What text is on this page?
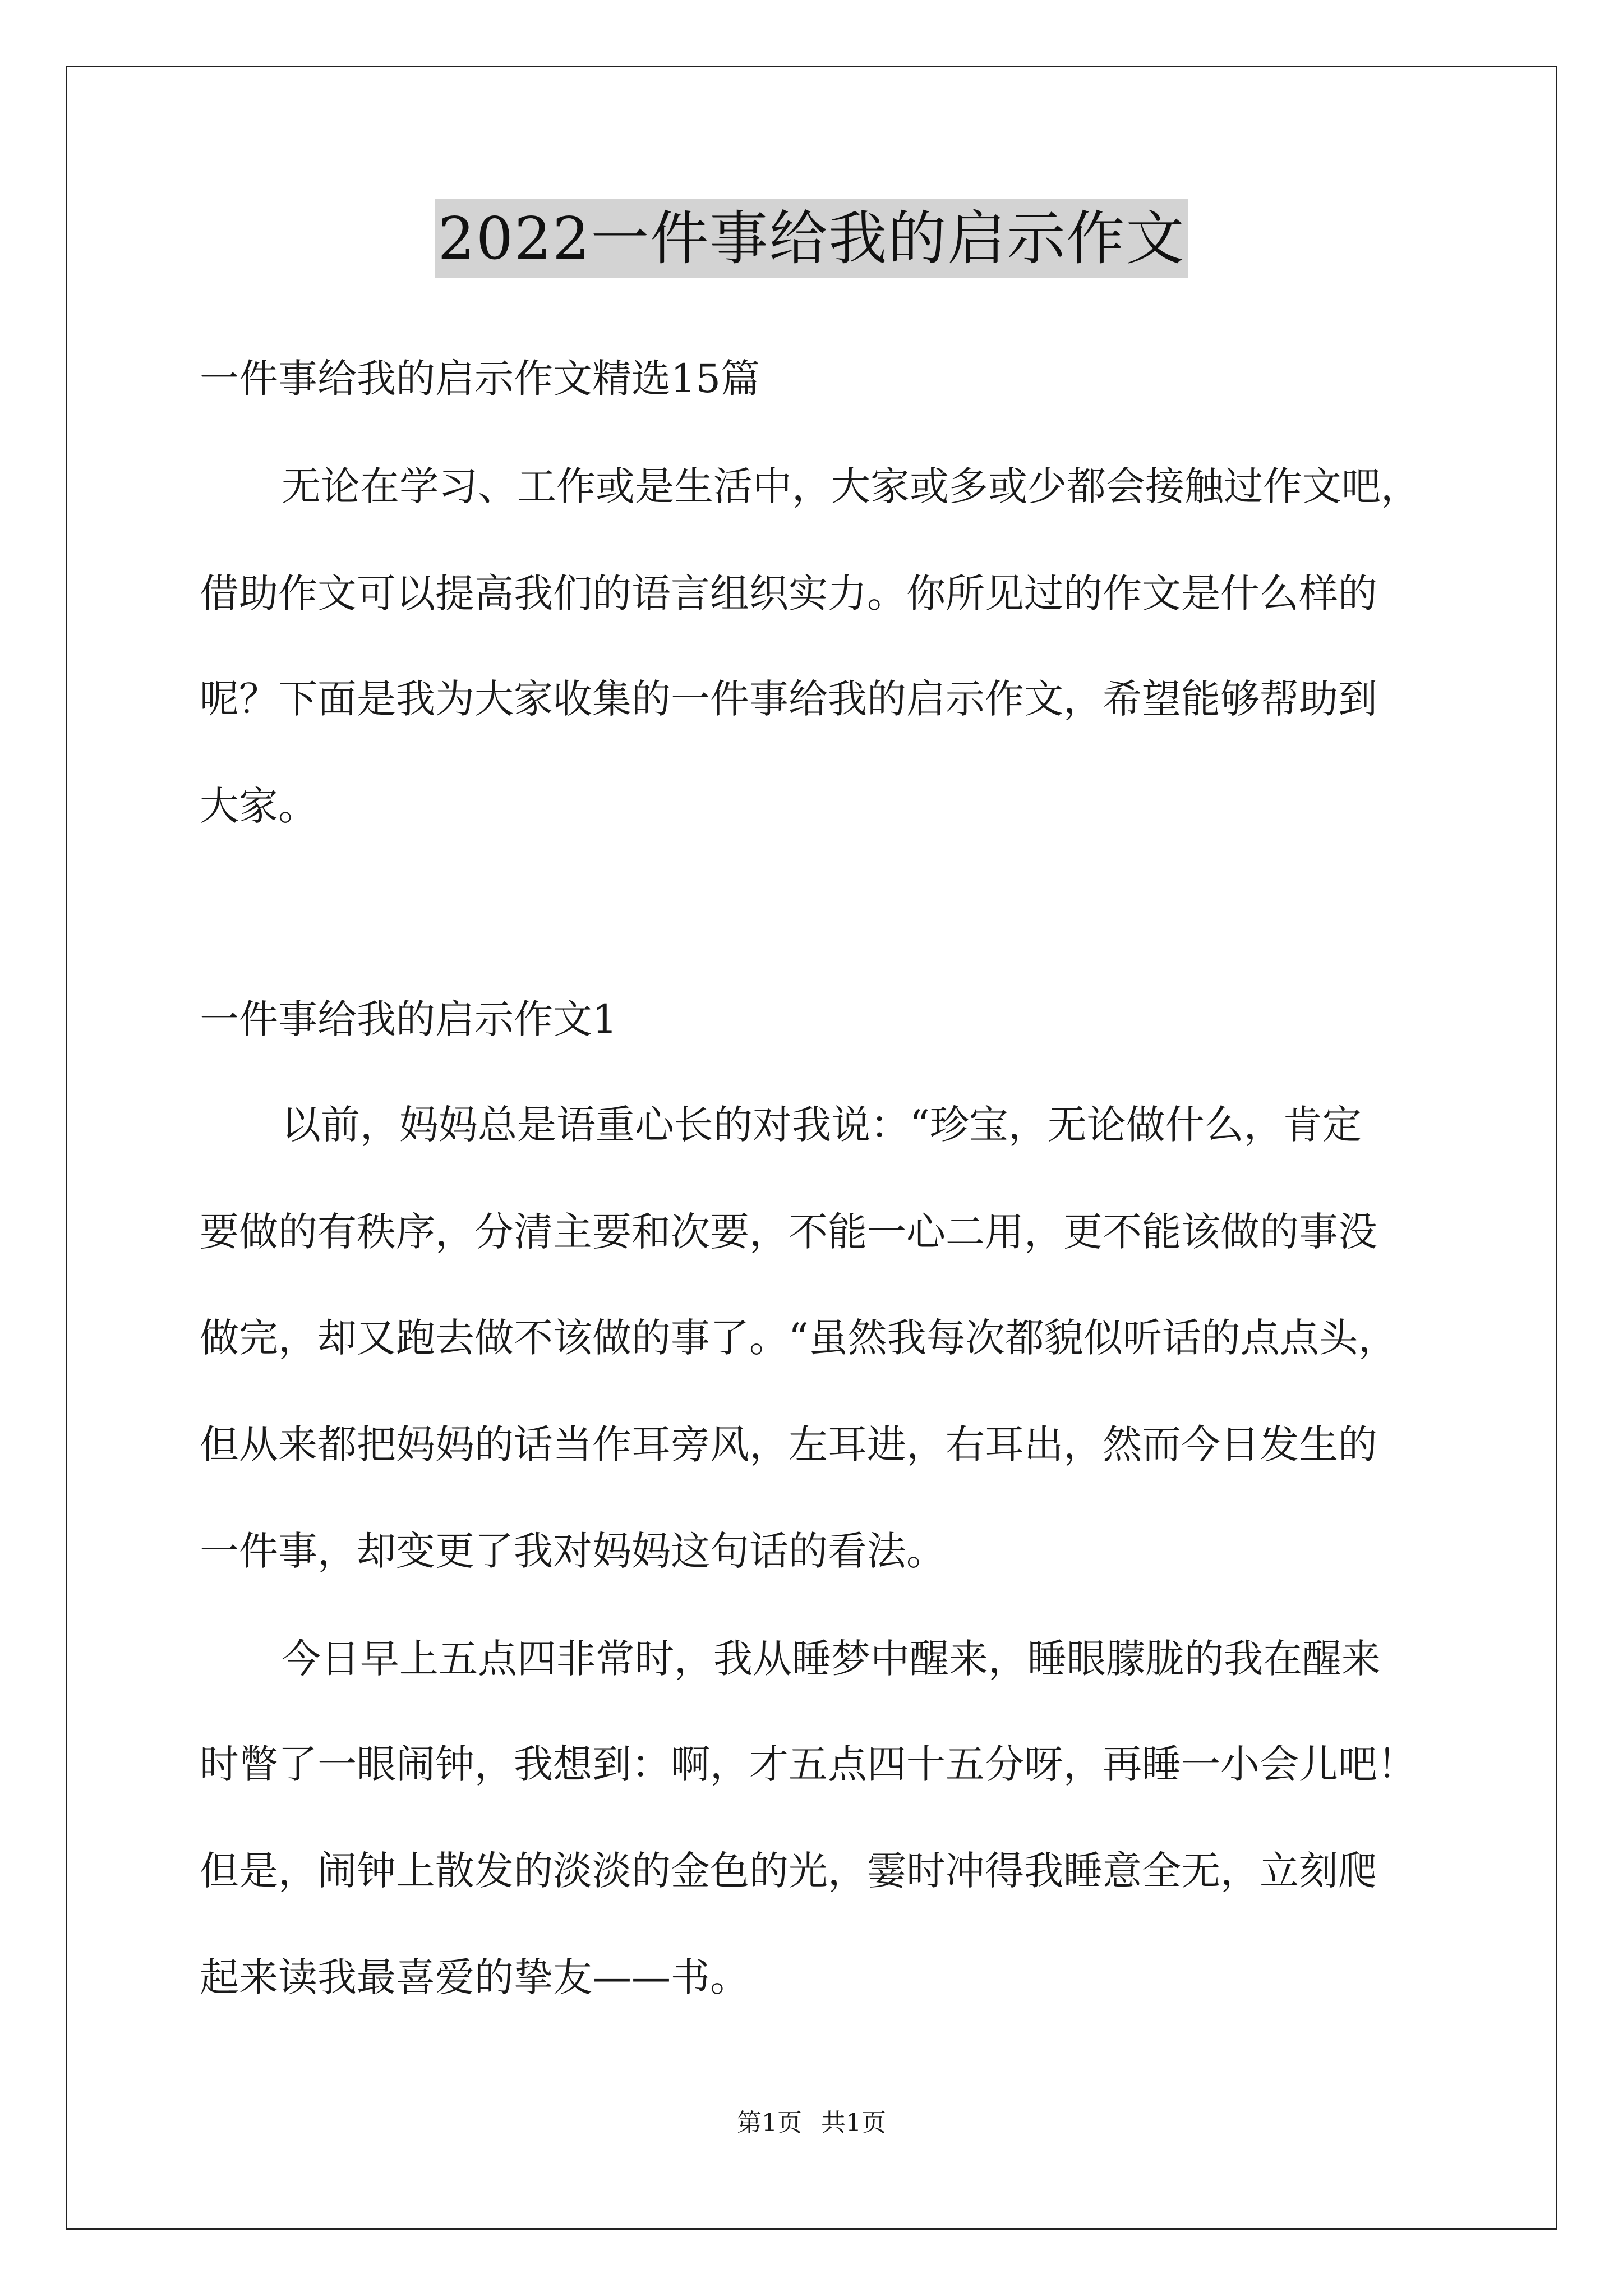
2022一件事给我的启示作文
一件事给我的启示作文精选15篇
无论在学习、工作或是生活中，大家或多或少都会接触过作文吧，
借助作文可以提高我们的语言组织实力。你所见过的作文是什么样的
呢？下面是我为大家收集的一件事给我的启示作文，希望能够帮助到
大家。
一件事给我的启示作文1
以前，妈妈总是语重心长的对我说：“珍宝，无论做什么，肯定
要做的有秩序，分清主要和次要，不能一心二用，更不能该做的事没
做完，却又跑去做不该做的事了。“虽然我每次都貌似听话的点点头，
但从来都把妈妈的话当作耳旁风，左耳进，右耳出，然而今日发生的
一件事，却变更了我对妈妈这句话的看法。
今日早上五点四非常时，我从睡梦中醒来，睡眼朦胧的我在醒来
时瞥了一眼闹钟，我想到：啊，才五点四十五分呀，再睡一小会儿吧！
但是，闹钟上散发的淡淡的金色的光，霎时冲得我睡意全无，立刻爬
起来读我最喜爱的挚友——书。
第1页 共1页
